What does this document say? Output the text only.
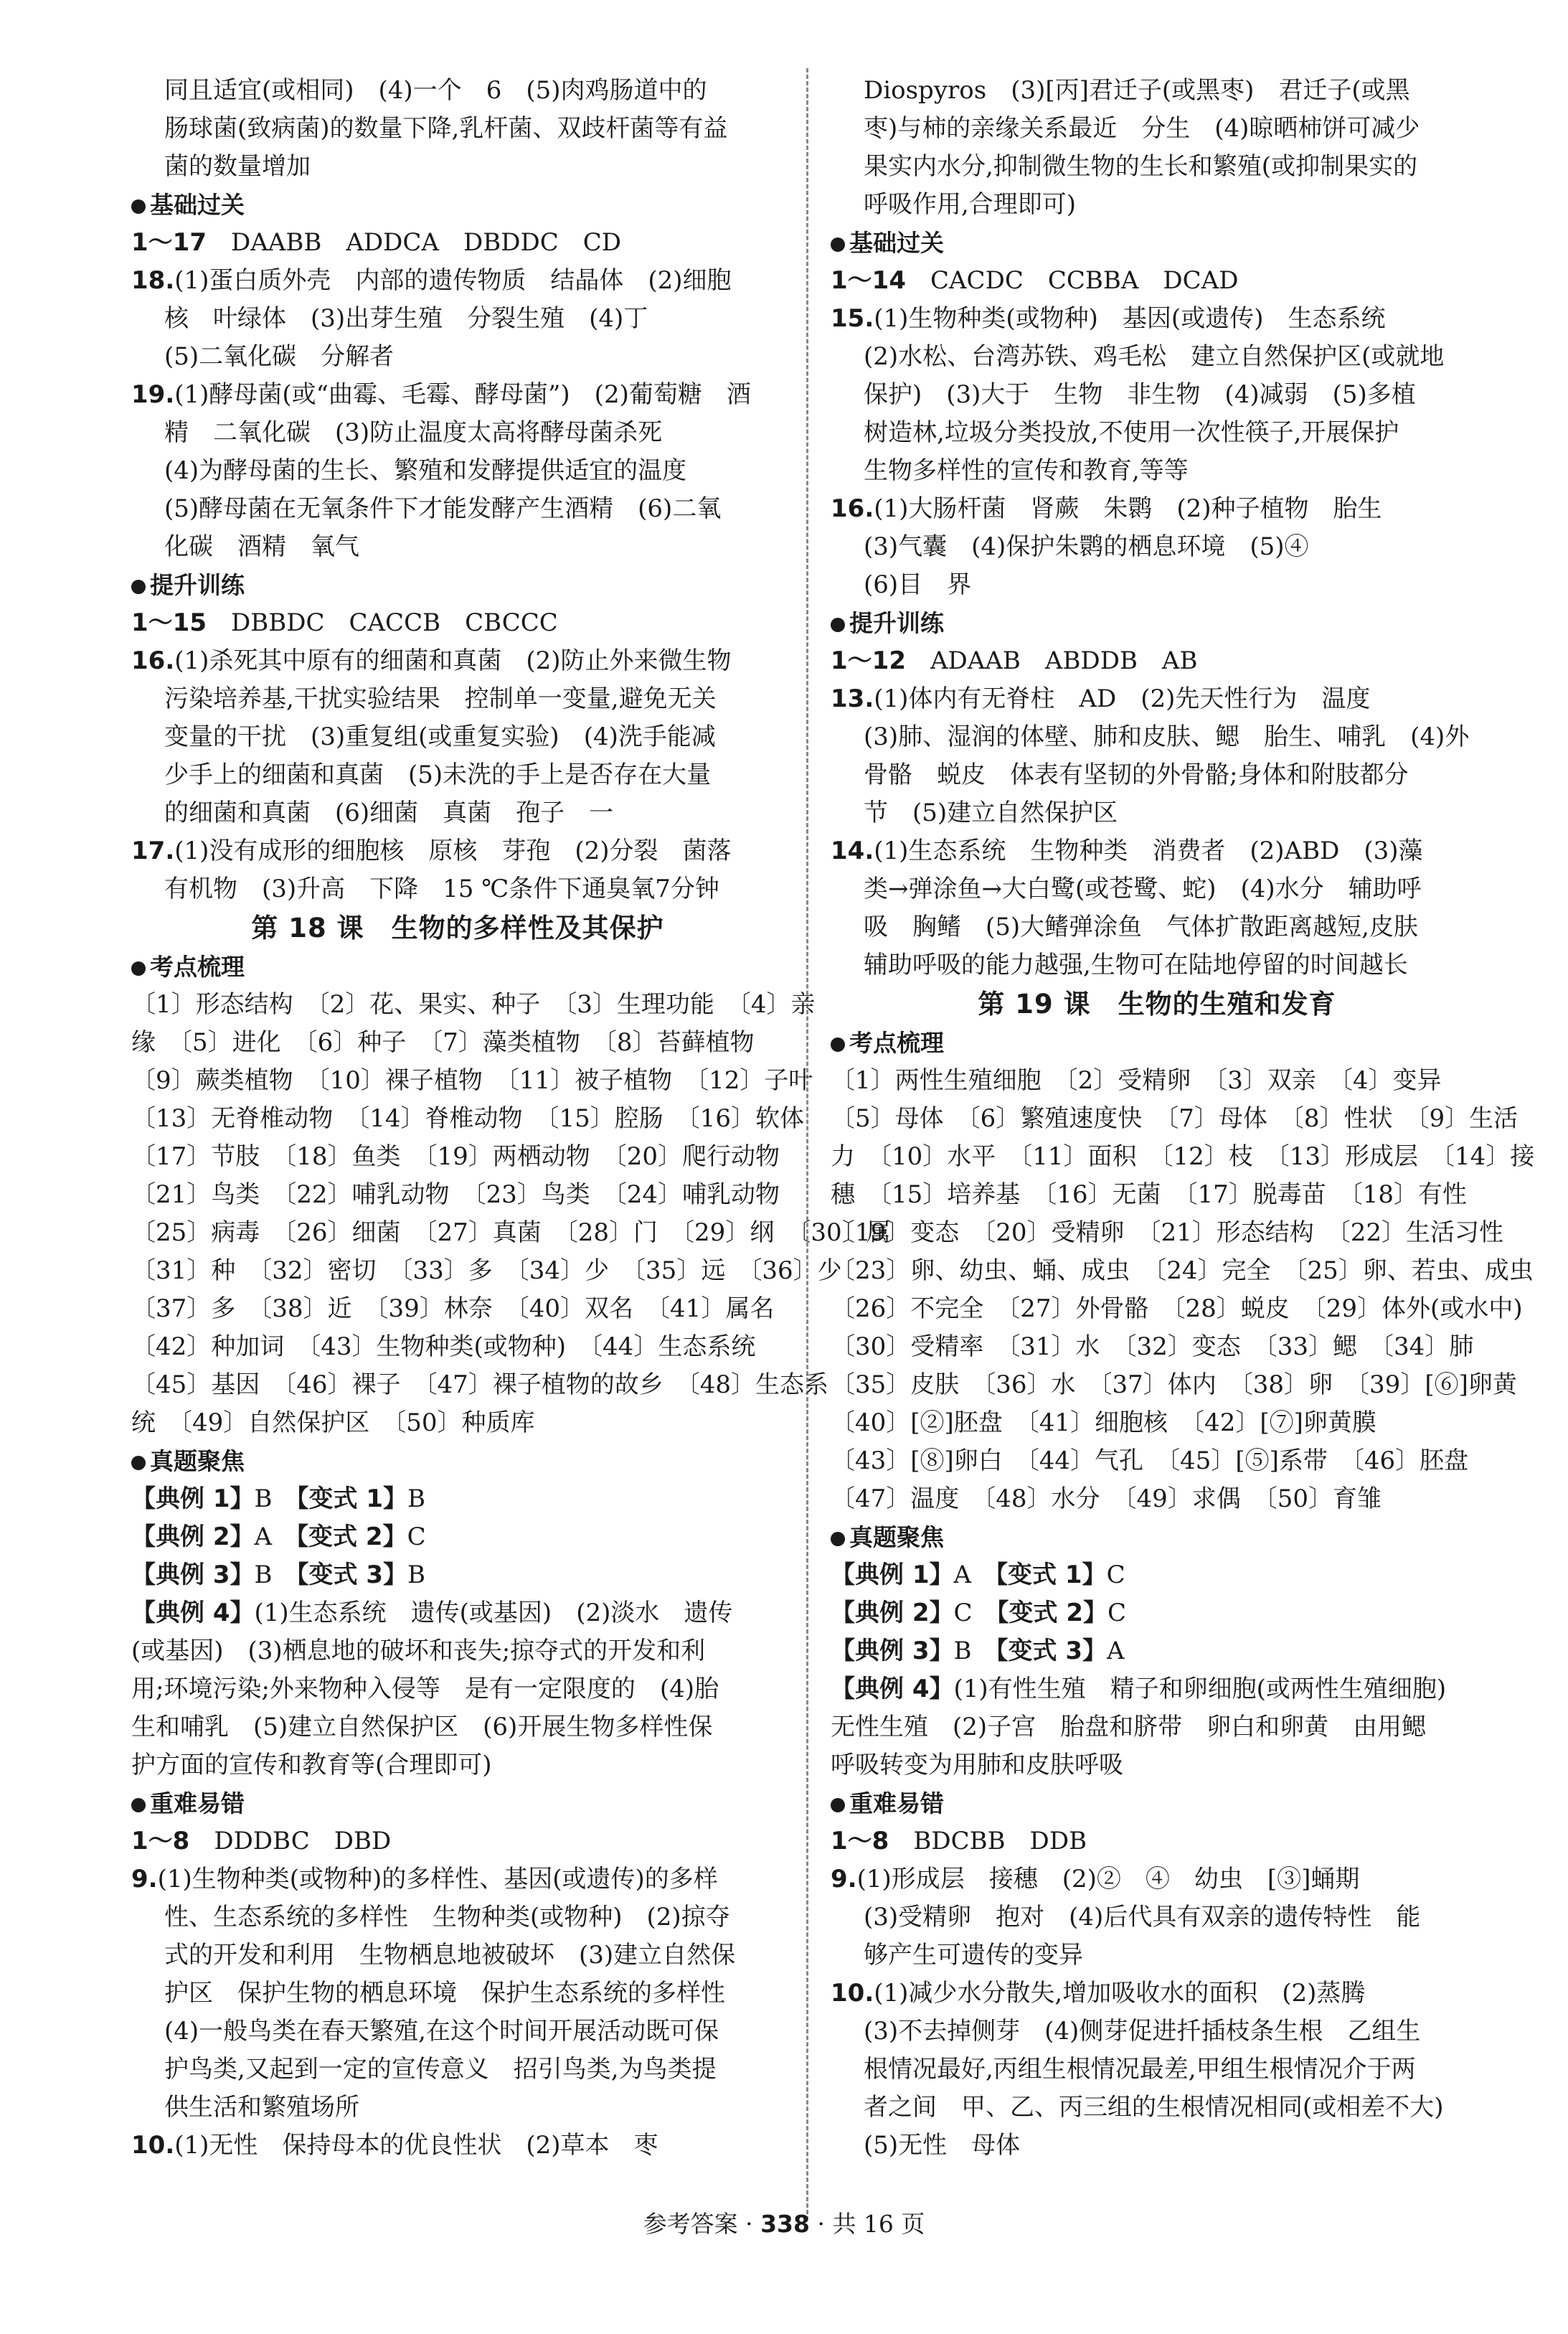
同且适宜(或相同)　(4)一个　6　(5)肉鸡肠道中的
肠球菌(致病菌)的数量下降,乳杆菌、双歧杆菌等有益
菌的数量增加
基础过关
1～17　DAABB　ADDCA　DBDDC　CD
18.(1)蛋白质外壳　内部的遗传物质　结晶体　(2)细胞
核　叶绿体　(3)出芽生殖　分裂生殖　(4)丁
(5)二氧化碳　分解者
19.(1)酵母菌(或“曲霉、毛霉、酵母菌”)　(2)葡萄糖　酒
精　二氧化碳　(3)防止温度太高将酵母菌杀死
(4)为酵母菌的生长、繁殖和发酵提供适宜的温度
(5)酵母菌在无氧条件下才能发酵产生酒精　(6)二氧
化碳　酒精　氧气
提升训练
1～15　DBBDC　CACCB　CBCCC
16.(1)杀死其中原有的细菌和真菌　(2)防止外来微生物
污染培养基,干扰实验结果　控制单一变量,避免无关
变量的干扰　(3)重复组(或重复实验)　(4)洗手能减
少手上的细菌和真菌　(5)未洗的手上是否存在大量
的细菌和真菌　(6)细菌　真菌　孢子　一
17.(1)没有成形的细胞核　原核　芽孢　(2)分裂　菌落
有机物　(3)升高　下降　15 ℃条件下通臭氧7分钟
第 18 课　生物的多样性及其保护
考点梳理
〔1〕形态结构　〔2〕花、果实、种子　〔3〕生理功能　〔4〕亲
缘　〔5〕进化　〔6〕种子　〔7〕藻类植物　〔8〕苔藓植物
〔9〕蕨类植物　〔10〕裸子植物　〔11〕被子植物　〔12〕子叶
〔13〕无脊椎动物　〔14〕脊椎动物　〔15〕腔肠　〔16〕软体
〔17〕节肢　〔18〕鱼类　〔19〕两栖动物　〔20〕爬行动物
〔21〕鸟类　〔22〕哺乳动物　〔23〕鸟类　〔24〕哺乳动物
〔25〕病毒　〔26〕细菌　〔27〕真菌　〔28〕门　〔29〕纲　〔30〕属
〔31〕种　〔32〕密切　〔33〕多　〔34〕少　〔35〕远　〔36〕少
〔37〕多　〔38〕近　〔39〕林奈　〔40〕双名　〔41〕属名
〔42〕种加词　〔43〕生物种类(或物种)　〔44〕生态系统
〔45〕基因　〔46〕裸子　〔47〕裸子植物的故乡　〔48〕生态系
统　〔49〕自然保护区　〔50〕种质库
真题聚焦
【典例 1】B　【变式 1】B
【典例 2】A　【变式 2】C
【典例 3】B　【变式 3】B
【典例 4】(1)生态系统　遗传(或基因)　(2)淡水　遗传
(或基因)　(3)栖息地的破坏和丧失;掠夺式的开发和利
用;环境污染;外来物种入侵等　是有一定限度的　(4)胎
生和哺乳　(5)建立自然保护区　(6)开展生物多样性保
护方面的宣传和教育等(合理即可)
重难易错
1～8　DDDBC　DBD
9.(1)生物种类(或物种)的多样性、基因(或遗传)的多样
性、生态系统的多样性　生物种类(或物种)　(2)掠夺
式的开发和利用　生物栖息地被破坏　(3)建立自然保
护区　保护生物的栖息环境　保护生态系统的多样性
(4)一般鸟类在春天繁殖,在这个时间开展活动既可保
护鸟类,又起到一定的宣传意义　招引鸟类,为鸟类提
供生活和繁殖场所
10.(1)无性　保持母本的优良性状　(2)草本　枣
Diospyros　(3)[丙]君迁子(或黑枣)　君迁子(或黑
枣)与柿的亲缘关系最近　分生　(4)晾晒柿饼可减少
果实内水分,抑制微生物的生长和繁殖(或抑制果实的
呼吸作用,合理即可)
基础过关
1～14　CACDC　CCBBA　DCAD
15.(1)生物种类(或物种)　基因(或遗传)　生态系统
(2)水松、台湾苏铁、鸡毛松　建立自然保护区(或就地
保护)　(3)大于　生物　非生物　(4)减弱　(5)多植
树造林,垃圾分类投放,不使用一次性筷子,开展保护
生物多样性的宣传和教育,等等
16.(1)大肠杆菌　肾蕨　朱鹮　(2)种子植物　胎生
(3)气囊　(4)保护朱鹮的栖息环境　(5)④
(6)目　界
提升训练
1～12　ADAAB　ABDDB　AB
13.(1)体内有无脊柱　AD　(2)先天性行为　温度
(3)肺、湿润的体壁、肺和皮肤、鳃　胎生、哺乳　(4)外
骨骼　蜕皮　体表有坚韧的外骨骼;身体和附肢都分
节　(5)建立自然保护区
14.(1)生态系统　生物种类　消费者　(2)ABD　(3)藻
类→弹涂鱼→大白鹭(或苍鹭、蛇)　(4)水分　辅助呼
吸　胸鳍　(5)大鳍弹涂鱼　气体扩散距离越短,皮肤
辅助呼吸的能力越强,生物可在陆地停留的时间越长
第 19 课　生物的生殖和发育
考点梳理
〔1〕两性生殖细胞　〔2〕受精卵　〔3〕双亲　〔4〕变异
〔5〕母体　〔6〕繁殖速度快　〔7〕母体　〔8〕性状　〔9〕生活
力　〔10〕水平　〔11〕面积　〔12〕枝　〔13〕形成层　〔14〕接
穗　〔15〕培养基　〔16〕无菌　〔17〕脱毒苗　〔18〕有性
〔19〕变态　〔20〕受精卵　〔21〕形态结构　〔22〕生活习性
〔23〕卵、幼虫、蛹、成虫　〔24〕完全　〔25〕卵、若虫、成虫
〔26〕不完全　〔27〕外骨骼　〔28〕蜕皮　〔29〕体外(或水中)
〔30〕受精率　〔31〕水　〔32〕变态　〔33〕鳃　〔34〕肺
〔35〕皮肤　〔36〕水　〔37〕体内　〔38〕卵　〔39〕[⑥]卵黄
〔40〕[②]胚盘　〔41〕细胞核　〔42〕[⑦]卵黄膜
〔43〕[⑧]卵白　〔44〕气孔　〔45〕[⑤]系带　〔46〕胚盘
〔47〕温度　〔48〕水分　〔49〕求偶　〔50〕育雏
真题聚焦
【典例 1】A　【变式 1】C
【典例 2】C　【变式 2】C
【典例 3】B　【变式 3】A
【典例 4】(1)有性生殖　精子和卵细胞(或两性生殖细胞)
无性生殖　(2)子宫　胎盘和脐带　卵白和卵黄　由用鳃
呼吸转变为用肺和皮肤呼吸
重难易错
1～8　BDCBB　DDB
9.(1)形成层　接穗　(2)②　④　幼虫　[③]蛹期
(3)受精卵　抱对　(4)后代具有双亲的遗传特性　能
够产生可遗传的变异
10.(1)减少水分散失,增加吸收水的面积　(2)蒸腾
(3)不去掉侧芽　(4)侧芽促进扦插枝条生根　乙组生
根情况最好,丙组生根情况最差,甲组生根情况介于两
者之间　甲、乙、丙三组的生根情况相同(或相差不大)
(5)无性　母体
参考答案 · 338 · 共 16 页
